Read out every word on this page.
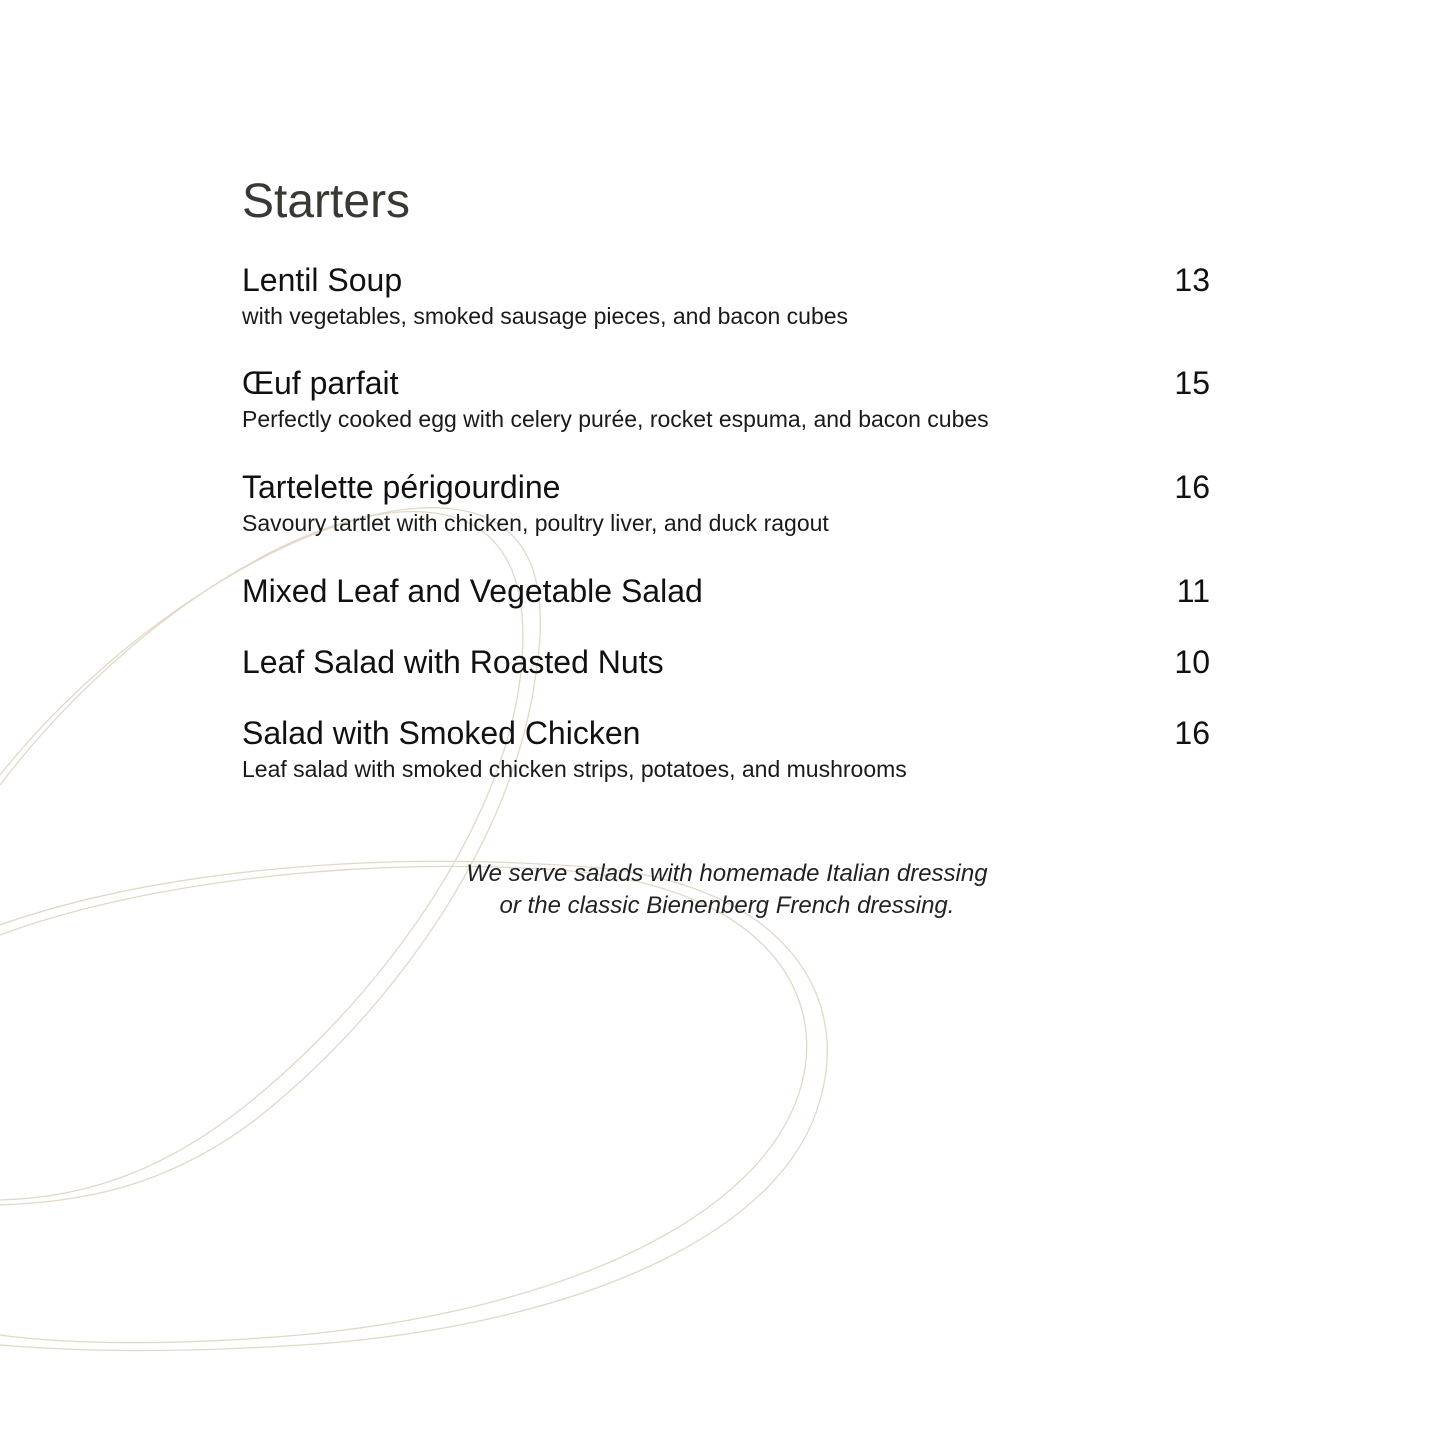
Starters
Lentil Soup	13
with vegetables, smoked sausage pieces, and bacon cubes
Œuf parfait	15
Perfectly cooked egg with celery purée, rocket espuma, and bacon cubes
Tartelette périgourdine	16
Savoury tartlet with chicken, poultry liver, and duck ragout
Mixed Leaf and Vegetable Salad	11
Leaf Salad with Roasted Nuts	10
Salad with Smoked Chicken	16
Leaf salad with smoked chicken strips, potatoes, and mushrooms
We serve salads with homemade Italian dressing
or the classic Bienenberg French dressing.
